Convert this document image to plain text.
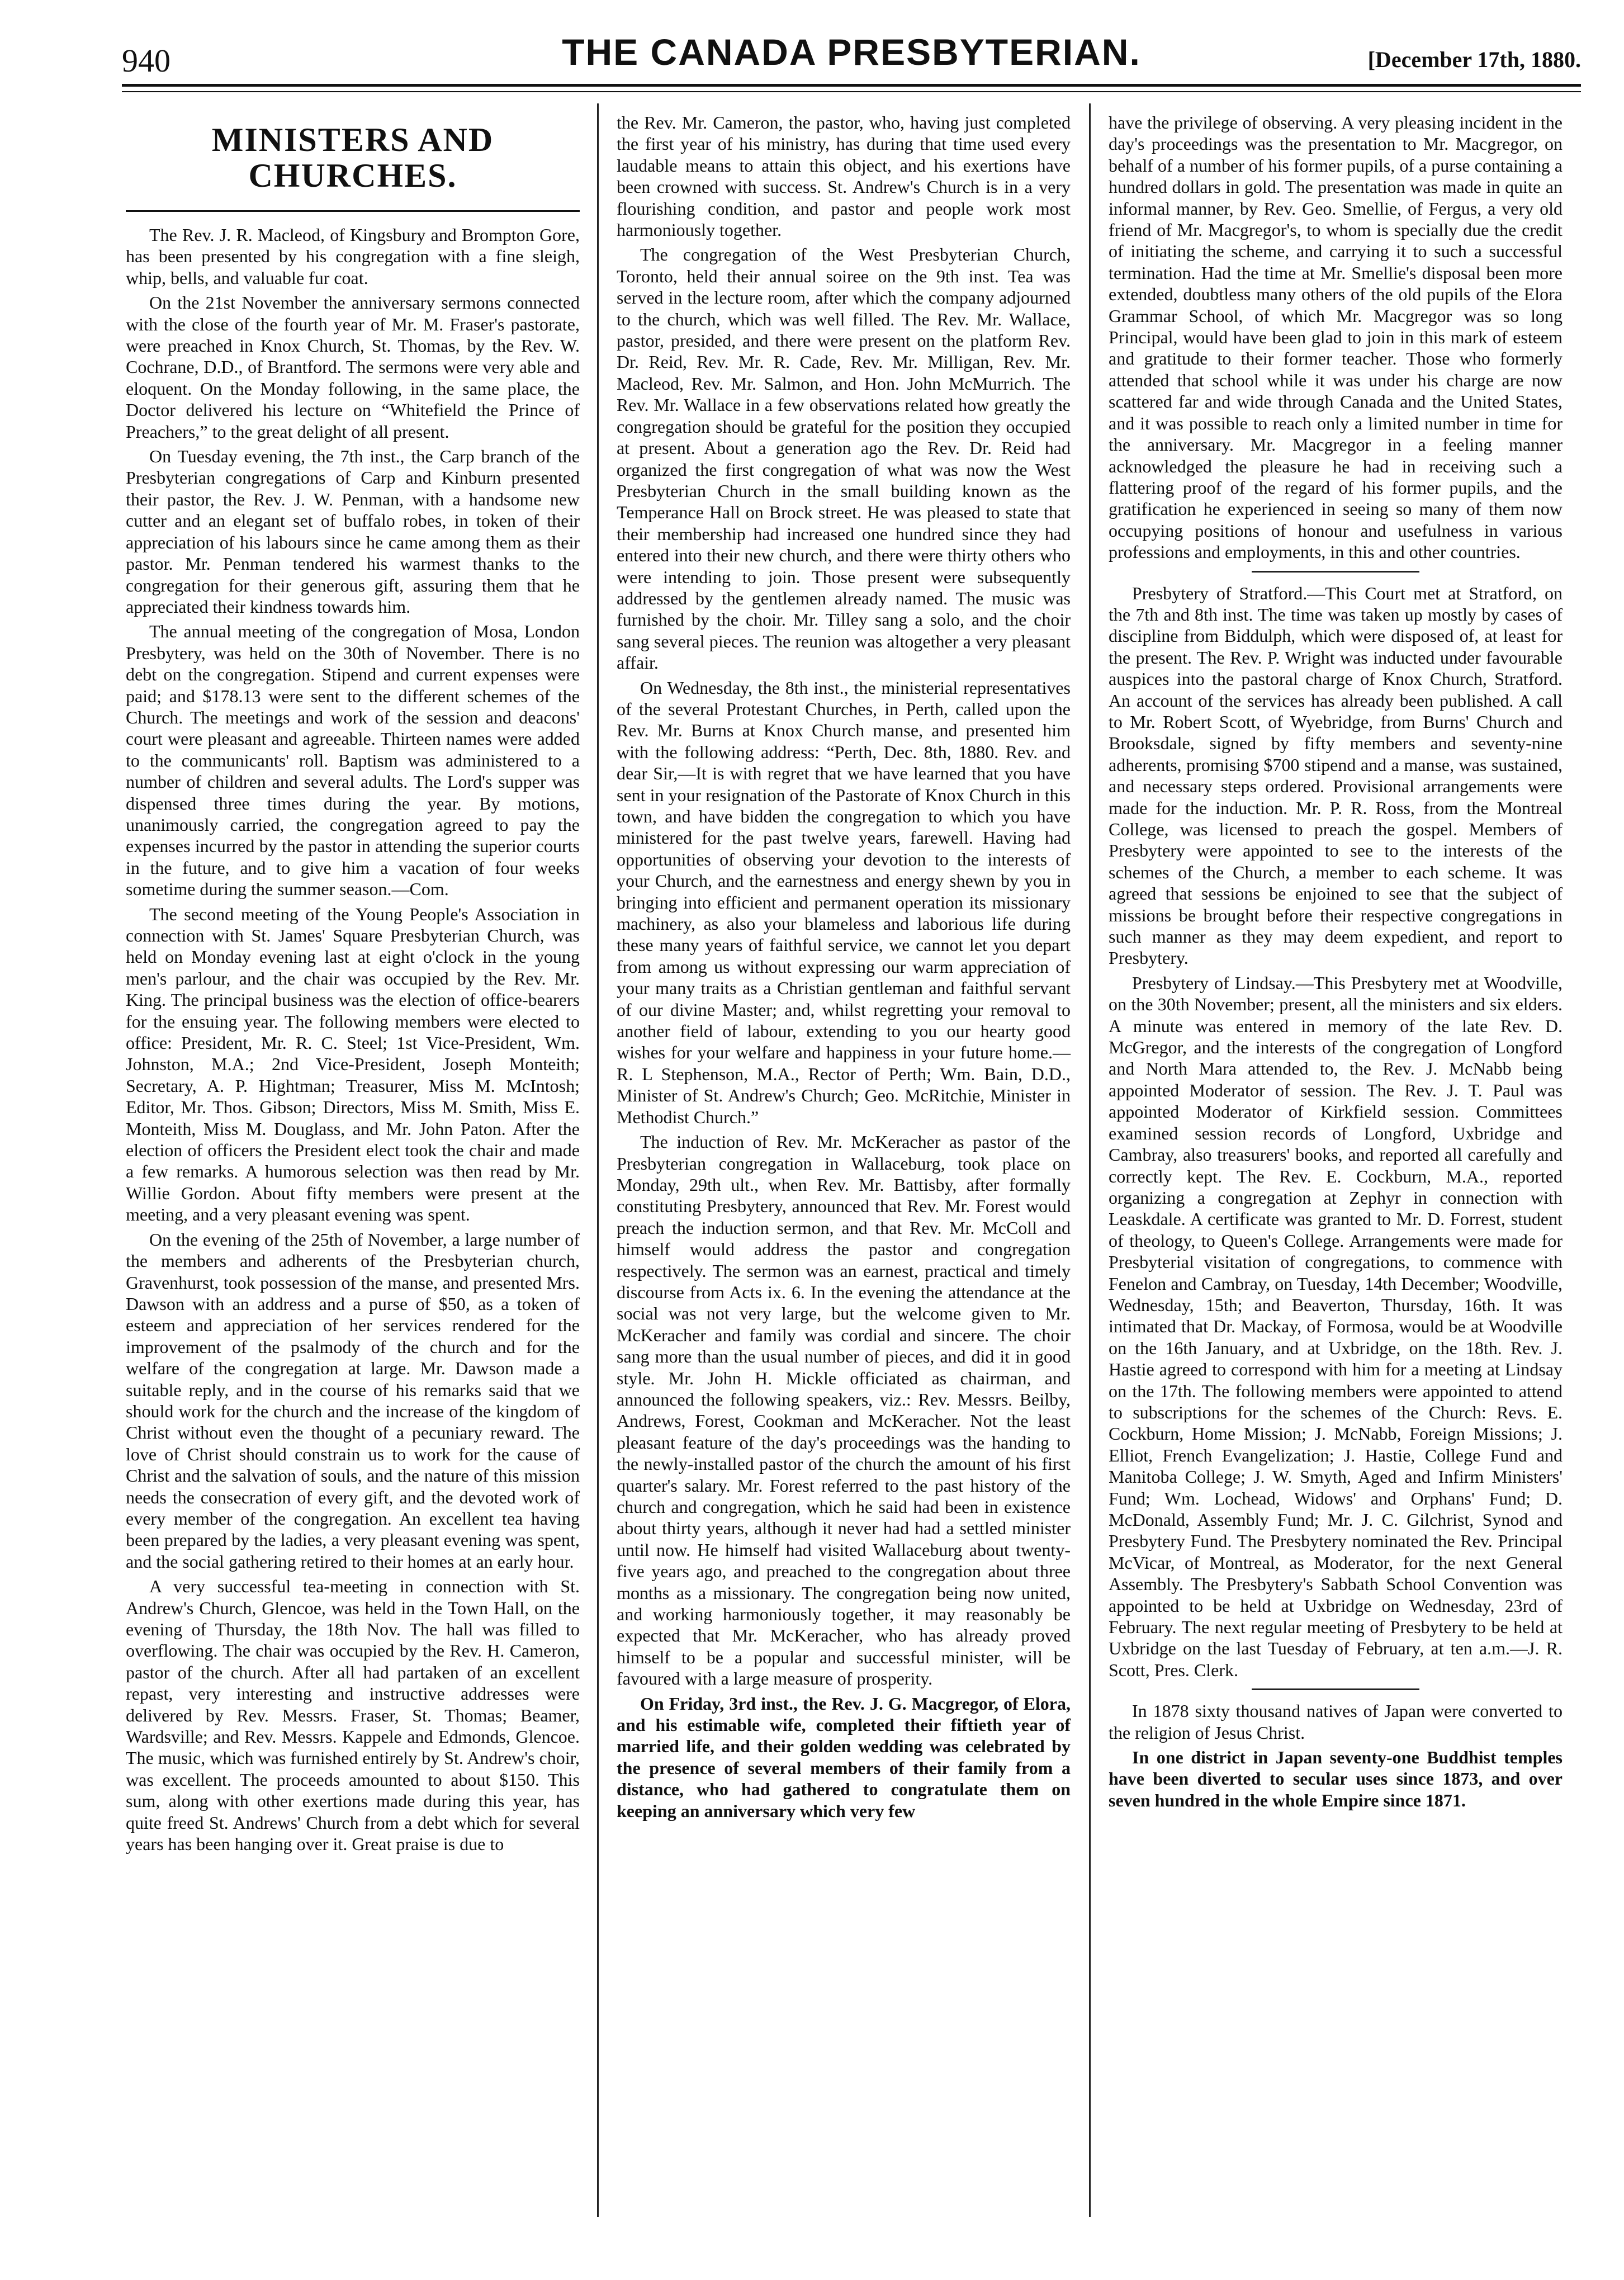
940	THE CANADA PRESBYTERIAN.	[December 17th, 1880.
MINISTERS AND CHURCHES.

The Rev. J. R. Macleod, of Kingsbury and Brompton Gore, has been presented by his congregation with a fine sleigh, whip, bells, and valuable fur coat.

On the 21st November the anniversary sermons connected with the close of the fourth year of Mr. M. Fraser's pastorate, were preached in Knox Church, St. Thomas, by the Rev. W. Cochrane, D.D., of Brantford. The sermons were very able and eloquent. On the Monday following, in the same place, the Doctor delivered his lecture on “Whitefield the Prince of Preachers,” to the great delight of all present.

On Tuesday evening, the 7th inst., the Carp branch of the Presbyterian congregations of Carp and Kinburn presented their pastor, the Rev. J. W. Penman, with a handsome new cutter and an elegant set of buffalo robes, in token of their appreciation of his labours since he came among them as their pastor. Mr. Penman tendered his warmest thanks to the congregation for their generous gift, assuring them that he appreciated their kindness towards him.

The annual meeting of the congregation of Mosa, London Presbytery, was held on the 30th of November. There is no debt on the congregation. Stipend and current expenses were paid; and $178.13 were sent to the different schemes of the Church. The meetings and work of the session and deacons' court were pleasant and agreeable. Thirteen names were added to the communicants' roll. Baptism was administered to a number of children and several adults. The Lord's supper was dispensed three times during the year. By motions, unanimously carried, the congregation agreed to pay the expenses incurred by the pastor in attending the superior courts in the future, and to give him a vacation of four weeks sometime during the summer season.—Com.

The second meeting of the Young People's Association in connection with St. James' Square Presbyterian Church, was held on Monday evening last at eight o'clock in the young men's parlour, and the chair was occupied by the Rev. Mr. King. The principal business was the election of office-bearers for the ensuing year. The following members were elected to office: President, Mr. R. C. Steel; 1st Vice-President, Wm. Johnston, M.A.; 2nd Vice-President, Joseph Monteith; Secretary, A. P. Hightman; Treasurer, Miss M. McIntosh; Editor, Mr. Thos. Gibson; Directors, Miss M. Smith, Miss E. Monteith, Miss M. Douglass, and Mr. John Paton. After the election of officers the President elect took the chair and made a few remarks. A humorous selection was then read by Mr. Willie Gordon. About fifty members were present at the meeting, and a very pleasant evening was spent.

On the evening of the 25th of November, a large number of the members and adherents of the Presbyterian church, Gravenhurst, took possession of the manse, and presented Mrs. Dawson with an address and a purse of $50, as a token of esteem and appreciation of her services rendered for the improvement of the psalmody of the church and for the welfare of the congregation at large. Mr. Dawson made a suitable reply, and in the course of his remarks said that we should work for the church and the increase of the kingdom of Christ without even the thought of a pecuniary reward. The love of Christ should constrain us to work for the cause of Christ and the salvation of souls, and the nature of this mission needs the consecration of every gift, and the devoted work of every member of the congregation. An excellent tea having been prepared by the ladies, a very pleasant evening was spent, and the social gathering retired to their homes at an early hour.

A very successful tea-meeting in connection with St. Andrew's Church, Glencoe, was held in the Town Hall, on the evening of Thursday, the 18th Nov. The hall was filled to overflowing. The chair was occupied by the Rev. H. Cameron, pastor of the church. After all had partaken of an excellent repast, very interesting and instructive addresses were delivered by Rev. Messrs. Fraser, St. Thomas; Beamer, Wardsville; and Rev. Messrs. Kappele and Edmonds, Glencoe. The music, which was furnished entirely by St. Andrew's choir, was excellent. The proceeds amounted to about $150. This sum, along with other exertions made during this year, has quite freed St. Andrews' Church from a debt which for several years has been hanging over it. Great praise is due to

the Rev. Mr. Cameron, the pastor, who, having just completed the first year of his ministry, has during that time used every laudable means to attain this object, and his exertions have been crowned with success. St. Andrew's Church is in a very flourishing condition, and pastor and people work most harmoniously together.

The congregation of the West Presbyterian Church, Toronto, held their annual soiree on the 9th inst. Tea was served in the lecture room, after which the company adjourned to the church, which was well filled. The Rev. Mr. Wallace, pastor, presided, and there were present on the platform Rev. Dr. Reid, Rev. Mr. R. Cade, Rev. Mr. Milligan, Rev. Mr. Macleod, Rev. Mr. Salmon, and Hon. John McMurrich. The Rev. Mr. Wallace in a few observations related how greatly the congregation should be grateful for the position they occupied at present. About a generation ago the Rev. Dr. Reid had organized the first congregation of what was now the West Presbyterian Church in the small building known as the Temperance Hall on Brock street. He was pleased to state that their membership had increased one hundred since they had entered into their new church, and there were thirty others who were intending to join. Those present were subsequently addressed by the gentlemen already named. The music was furnished by the choir. Mr. Tilley sang a solo, and the choir sang several pieces. The reunion was altogether a very pleasant affair.

On Wednesday, the 8th inst., the ministerial representatives of the several Protestant Churches, in Perth, called upon the Rev. Mr. Burns at Knox Church manse, and presented him with the following address: “Perth, Dec. 8th, 1880. Rev. and dear Sir,—It is with regret that we have learned that you have sent in your resignation of the Pastorate of Knox Church in this town, and have bidden the congregation to which you have ministered for the past twelve years, farewell. Having had opportunities of observing your devotion to the interests of your Church, and the earnestness and energy shewn by you in bringing into efficient and permanent operation its missionary machinery, as also your blameless and laborious life during these many years of faithful service, we cannot let you depart from among us without expressing our warm appreciation of your many traits as a Christian gentleman and faithful servant of our divine Master; and, whilst regretting your removal to another field of labour, extending to you our hearty good wishes for your welfare and happiness in your future home.—R. L Stephenson, M.A., Rector of Perth; Wm. Bain, D.D., Minister of St. Andrew's Church; Geo. McRitchie, Minister in Methodist Church.”

The induction of Rev. Mr. McKeracher as pastor of the Presbyterian congregation in Wallaceburg, took place on Monday, 29th ult., when Rev. Mr. Battisby, after formally constituting Presbytery, announced that Rev. Mr. Forest would preach the induction sermon, and that Rev. Mr. McColl and himself would address the pastor and congregation respectively. The sermon was an earnest, practical and timely discourse from Acts ix. 6. In the evening the attendance at the social was not very large, but the welcome given to Mr. McKeracher and family was cordial and sincere. The choir sang more than the usual number of pieces, and did it in good style. Mr. John H. Mickle officiated as chairman, and announced the following speakers, viz.: Rev. Messrs. Beilby, Andrews, Forest, Cookman and McKeracher. Not the least pleasant feature of the day's proceedings was the handing to the newly-installed pastor of the church the amount of his first quarter's salary. Mr. Forest referred to the past history of the church and congregation, which he said had been in existence about thirty years, although it never had had a settled minister until now. He himself had visited Wallaceburg about twenty-five years ago, and preached to the congregation about three months as a missionary. The congregation being now united, and working harmoniously together, it may reasonably be expected that Mr. McKeracher, who has already proved himself to be a popular and successful minister, will be favoured with a large measure of prosperity.

On Friday, 3rd inst., the Rev. J. G. Macgregor, of Elora, and his estimable wife, completed their fiftieth year of married life, and their golden wedding was celebrated by the presence of several members of their family from a distance, who had gathered to congratulate them on keeping an anniversary which very few

have the privilege of observing. A very pleasing incident in the day's proceedings was the presentation to Mr. Macgregor, on behalf of a number of his former pupils, of a purse containing a hundred dollars in gold. The presentation was made in quite an informal manner, by Rev. Geo. Smellie, of Fergus, a very old friend of Mr. Macgregor's, to whom is specially due the credit of initiating the scheme, and carrying it to such a successful termination. Had the time at Mr. Smellie's disposal been more extended, doubtless many others of the old pupils of the Elora Grammar School, of which Mr. Macgregor was so long Principal, would have been glad to join in this mark of esteem and gratitude to their former teacher. Those who formerly attended that school while it was under his charge are now scattered far and wide through Canada and the United States, and it was possible to reach only a limited number in time for the anniversary. Mr. Macgregor in a feeling manner acknowledged the pleasure he had in receiving such a flattering proof of the regard of his former pupils, and the gratification he experienced in seeing so many of them now occupying positions of honour and usefulness in various professions and employments, in this and other countries.

Presbytery of Stratford.—This Court met at Stratford, on the 7th and 8th inst. The time was taken up mostly by cases of discipline from Biddulph, which were disposed of, at least for the present. The Rev. P. Wright was inducted under favourable auspices into the pastoral charge of Knox Church, Stratford. An account of the services has already been published. A call to Mr. Robert Scott, of Wyebridge, from Burns' Church and Brooksdale, signed by fifty members and seventy-nine adherents, promising $700 stipend and a manse, was sustained, and necessary steps ordered. Provisional arrangements were made for the induction. Mr. P. R. Ross, from the Montreal College, was licensed to preach the gospel. Members of Presbytery were appointed to see to the interests of the schemes of the Church, a member to each scheme. It was agreed that sessions be enjoined to see that the subject of missions be brought before their respective congregations in such manner as they may deem expedient, and report to Presbytery.

Presbytery of Lindsay.—This Presbytery met at Woodville, on the 30th November; present, all the ministers and six elders. A minute was entered in memory of the late Rev. D. McGregor, and the interests of the congregation of Longford and North Mara attended to, the Rev. J. McNabb being appointed Moderator of session. The Rev. J. T. Paul was appointed Moderator of Kirkfield session. Committees examined session records of Longford, Uxbridge and Cambray, also treasurers' books, and reported all carefully and correctly kept. The Rev. E. Cockburn, M.A., reported organizing a congregation at Zephyr in connection with Leaskdale. A certificate was granted to Mr. D. Forrest, student of theology, to Queen's College. Arrangements were made for Presbyterial visitation of congregations, to commence with Fenelon and Cambray, on Tuesday, 14th December; Woodville, Wednesday, 15th; and Beaverton, Thursday, 16th. It was intimated that Dr. Mackay, of Formosa, would be at Woodville on the 16th January, and at Uxbridge, on the 18th. Rev. J. Hastie agreed to correspond with him for a meeting at Lindsay on the 17th. The following members were appointed to attend to subscriptions for the schemes of the Church: Revs. E. Cockburn, Home Mission; J. McNabb, Foreign Missions; J. Elliot, French Evangelization; J. Hastie, College Fund and Manitoba College; J. W. Smyth, Aged and Infirm Ministers' Fund; Wm. Lochead, Widows' and Orphans' Fund; D. McDonald, Assembly Fund; Mr. J. C. Gilchrist, Synod and Presbytery Fund. The Presbytery nominated the Rev. Principal McVicar, of Montreal, as Moderator, for the next General Assembly. The Presbytery's Sabbath School Convention was appointed to be held at Uxbridge on Wednesday, 23rd of February. The next regular meeting of Presbytery to be held at Uxbridge on the last Tuesday of February, at ten a.m.—J. R. Scott, Pres. Clerk.

In 1878 sixty thousand natives of Japan were converted to the religion of Jesus Christ.

In one district in Japan seventy-one Buddhist temples have been diverted to secular uses since 1873, and over seven hundred in the whole Empire since 1871.
